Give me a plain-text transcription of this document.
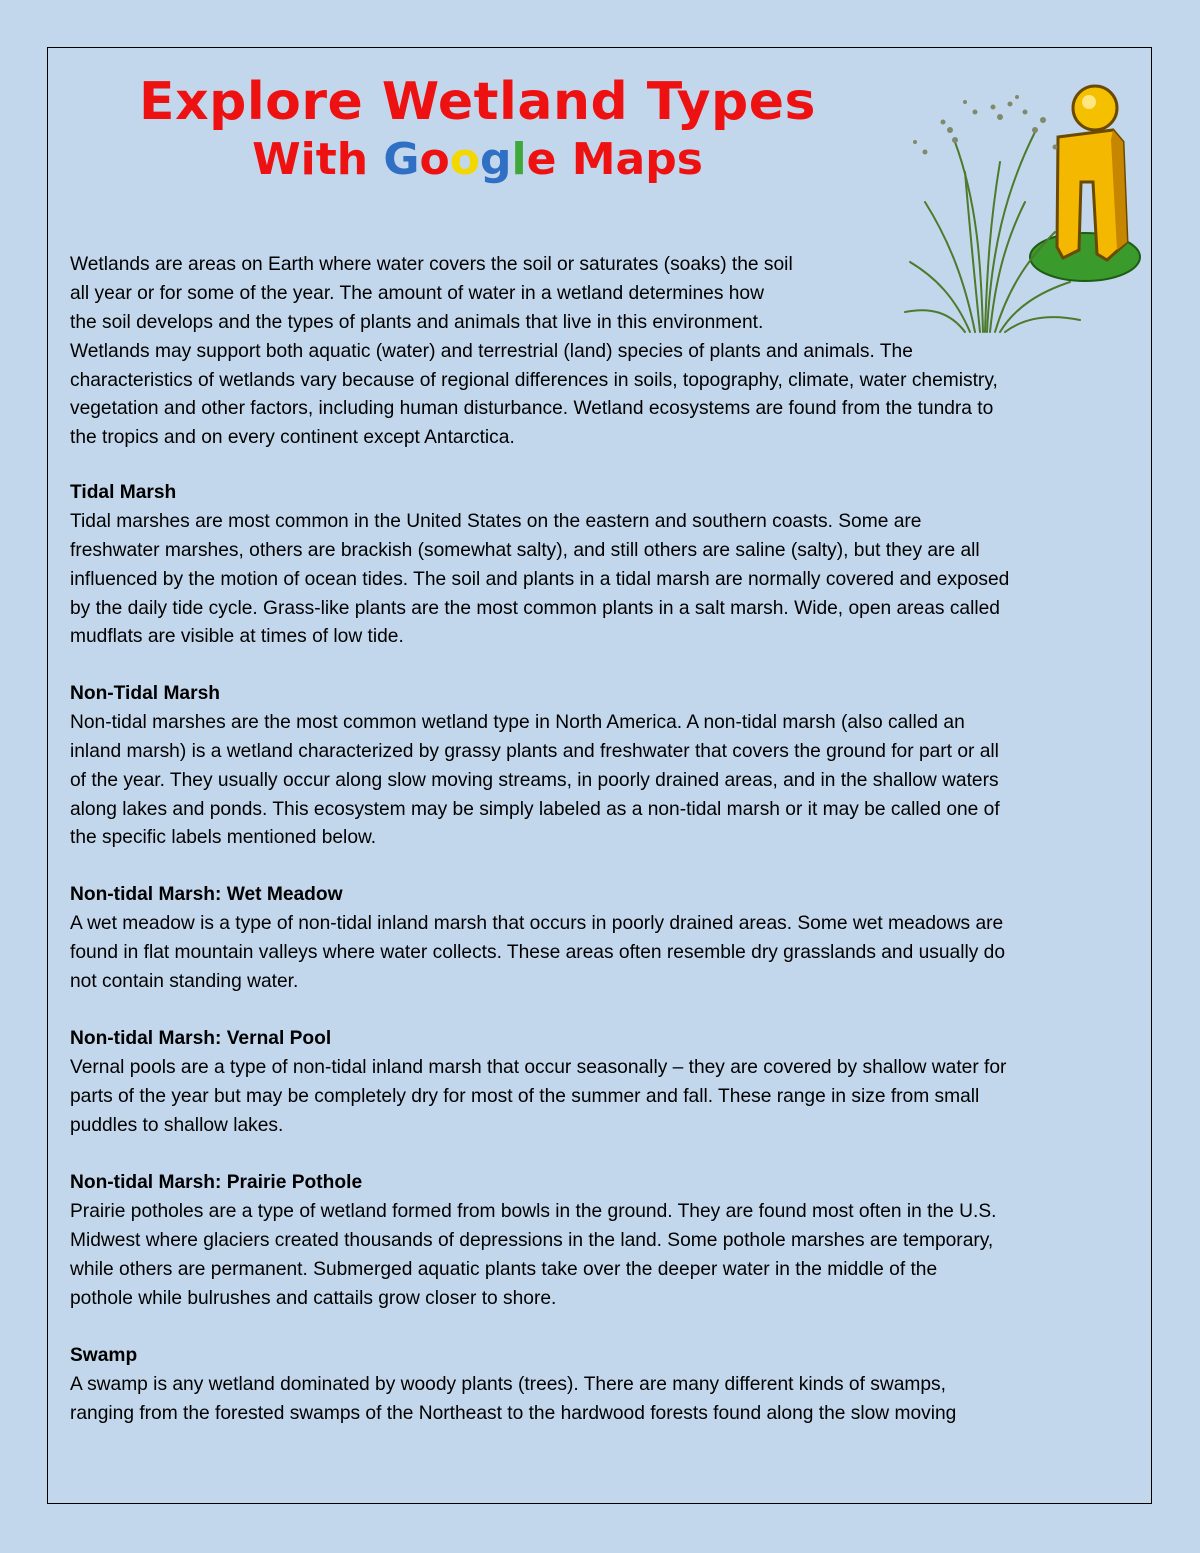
Explore Wetland Types
With Google Maps
Wetlands are areas on Earth where water covers the soil or saturates (soaks) the soil
all year or for some of the year. The amount of water in a wetland determines how
the soil develops and the types of plants and animals that live in this environment.
Wetlands may support both aquatic (water) and terrestrial (land) species of plants and animals. The
characteristics of wetlands vary because of regional differences in soils, topography, climate, water chemistry,
vegetation and other factors, including human disturbance. Wetland ecosystems are found from the tundra to
the tropics and on every continent except Antarctica.
Tidal Marsh
Tidal marshes are most common in the United States on the eastern and southern coasts. Some are
freshwater marshes, others are brackish (somewhat salty), and still others are saline (salty), but they are all
influenced by the motion of ocean tides. The soil and plants in a tidal marsh are normally covered and exposed
by the daily tide cycle. Grass-like plants are the most common plants in a salt marsh. Wide, open areas called
mudflats are visible at times of low tide.
Non-Tidal Marsh
Non-tidal marshes are the most common wetland type in North America. A non-tidal marsh (also called an
inland marsh) is a wetland characterized by grassy plants and freshwater that covers the ground for part or all
of the year. They usually occur along slow moving streams, in poorly drained areas, and in the shallow waters
along lakes and ponds. This ecosystem may be simply labeled as a non-tidal marsh or it may be called one of
the specific labels mentioned below.
Non-tidal Marsh: Wet Meadow
A wet meadow is a type of non-tidal inland marsh that occurs in poorly drained areas. Some wet meadows are
found in flat mountain valleys where water collects. These areas often resemble dry grasslands and usually do
not contain standing water.
Non-tidal Marsh: Vernal Pool
Vernal pools are a type of non-tidal inland marsh that occur seasonally – they are covered by shallow water for
parts of the year but may be completely dry for most of the summer and fall. These range in size from small
puddles to shallow lakes.
Non-tidal Marsh: Prairie Pothole
Prairie potholes are a type of wetland formed from bowls in the ground. They are found most often in the U.S.
Midwest where glaciers created thousands of depressions in the land. Some pothole marshes are temporary,
while others are permanent. Submerged aquatic plants take over the deeper water in the middle of the
pothole while bulrushes and cattails grow closer to shore.
Swamp
A swamp is any wetland dominated by woody plants (trees). There are many different kinds of swamps,
ranging from the forested swamps of the Northeast to the hardwood forests found along the slow moving
